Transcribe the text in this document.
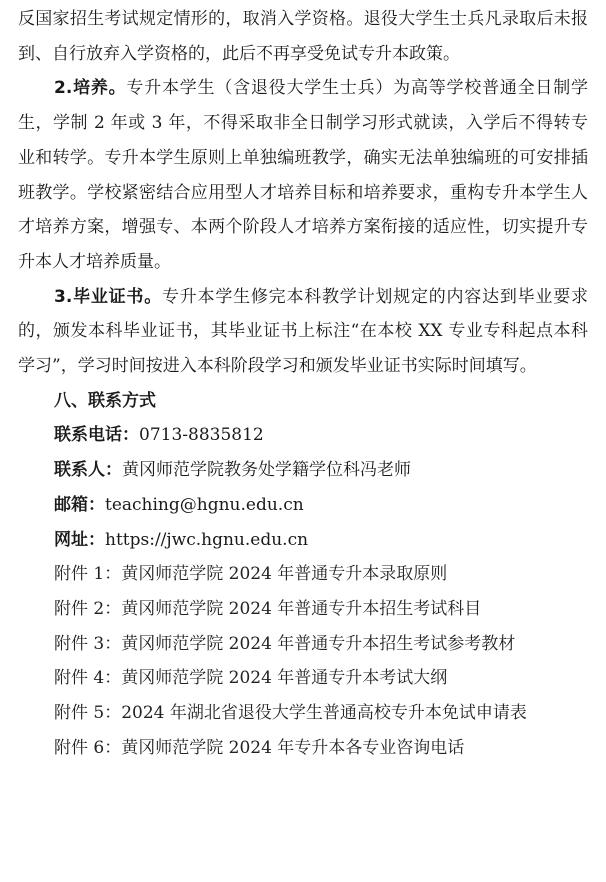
反国家招生考试规定情形的，取消入学资格。退役大学生士兵凡录取后未报到、自行放弃入学资格的，此后不再享受免试专升本政策。

2.培养。专升本学生（含退役大学生士兵）为高等学校普通全日制学生，学制 2 年或 3 年，不得采取非全日制学习形式就读，入学后不得转专业和转学。专升本学生原则上单独编班教学，确实无法单独编班的可安排插班教学。学校紧密结合应用型人才培养目标和培养要求，重构专升本学生人才培养方案，增强专、本两个阶段人才培养方案衔接的适应性，切实提升专升本人才培养质量。

3.毕业证书。专升本学生修完本科教学计划规定的内容达到毕业要求的，颁发本科毕业证书，其毕业证书上标注“在本校 XX 专业专科起点本科学习”，学习时间按进入本科阶段学习和颁发毕业证书实际时间填写。

八、联系方式

联系电话：0713-8835812

联系人：黄冈师范学院教务处学籍学位科冯老师

邮箱：teaching@hgnu.edu.cn

网址：https://jwc.hgnu.edu.cn

附件 1：黄冈师范学院 2024 年普通专升本录取原则

附件 2：黄冈师范学院 2024 年普通专升本招生考试科目

附件 3：黄冈师范学院 2024 年普通专升本招生考试参考教材

附件 4：黄冈师范学院 2024 年普通专升本考试大纲

附件 5：2024 年湖北省退役大学生普通高校专升本免试申请表

附件 6：黄冈师范学院 2024 年专升本各专业咨询电话
